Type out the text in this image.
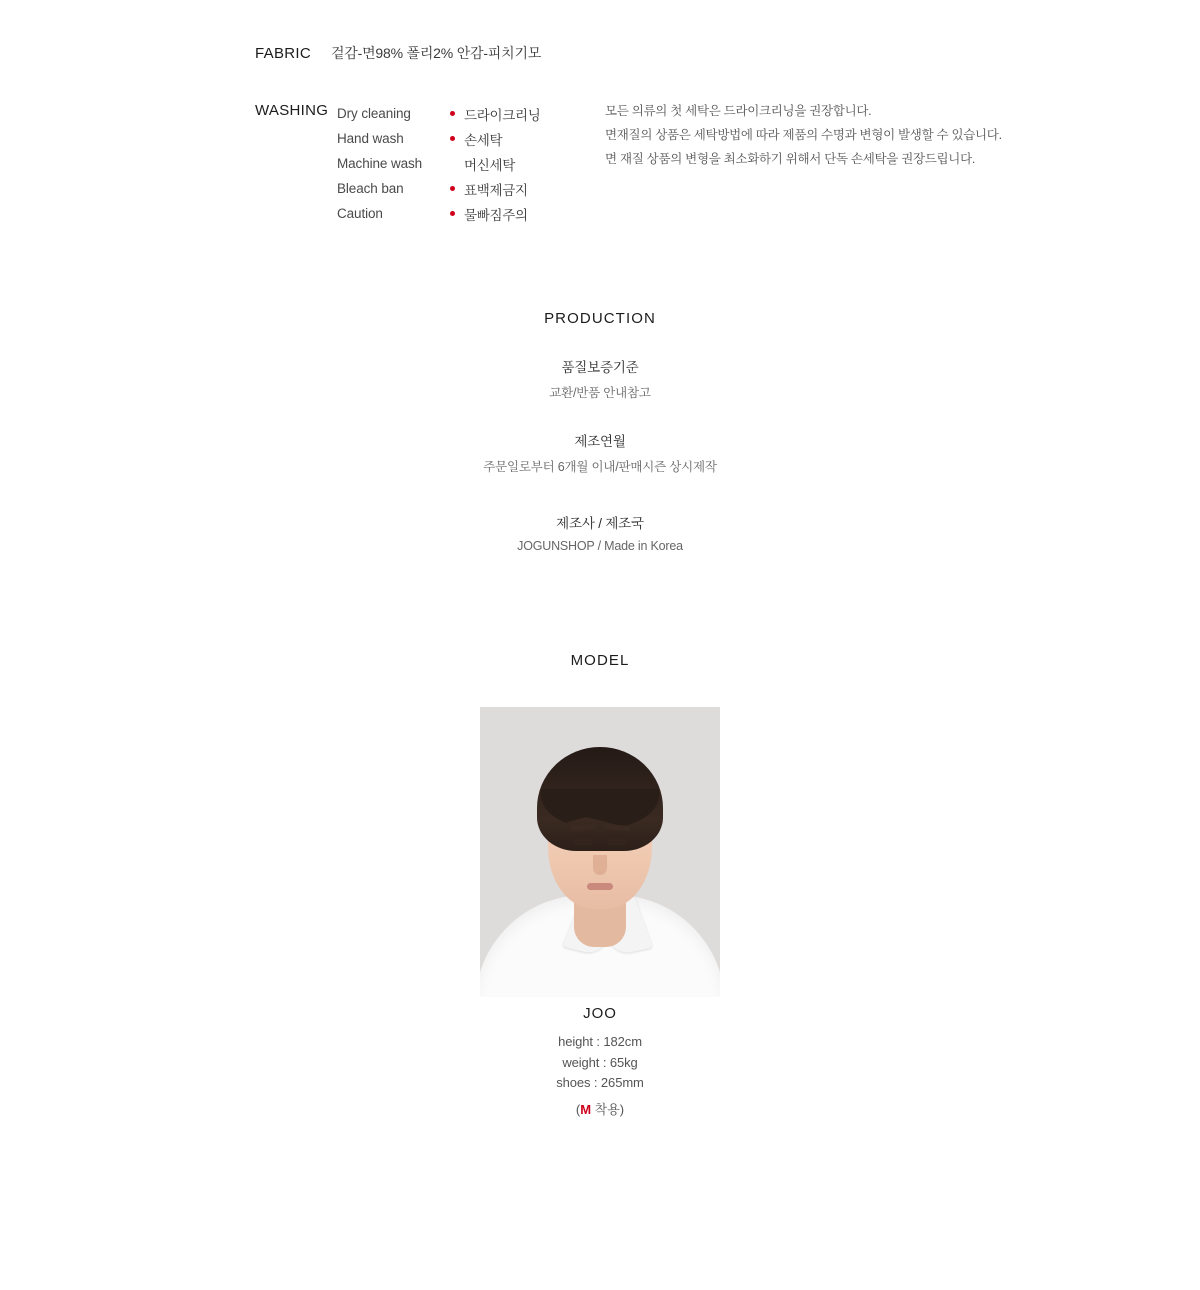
FABRIC 겉감-면98% 폴리2% 안감-피치기모
WASHING Dry cleaning	드라이크리닝
Hand wash	손세탁
Machine wash	머신세탁
Bleach ban	표백제금지
Caution	물빠짐주의

모든 의류의 첫 세탁은 드라이크리닝을 권장합니다.

면재질의 상품은 세탁방법에 따라 제품의 수명과 변형이 발생할 수 있습니다.

면 재질 상품의 변형을 최소화하기 위해서 단독 손세탁을 권장드립니다.

PRODUCTION
품질보증기준
교환/반품 안내참고
제조연월
주문일로부터 6개월 이내/판매시즌 상시제작
제조사 / 제조국
JOGUNSHOP / Made in Korea
MODEL
JOO
height : 182cm
weight : 65kg
shoes : 265mm
(M 착용)
